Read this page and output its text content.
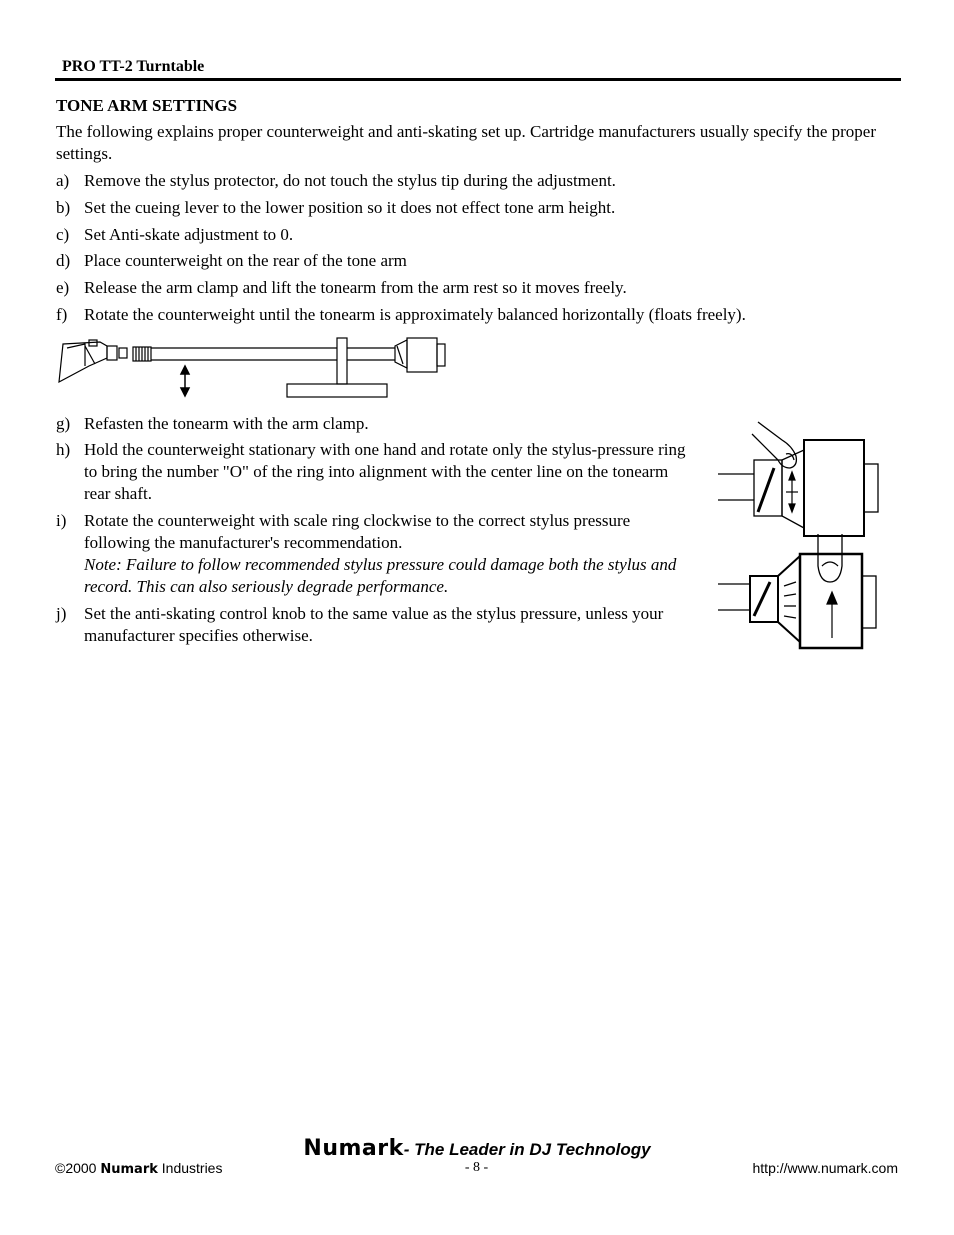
PRO TT-2 Turntable
TONE ARM SETTINGS
The following explains proper counterweight and anti-skating set up. Cartridge manufacturers usually specify the proper settings.
a) Remove the stylus protector, do not touch the stylus tip during the adjustment.
b) Set the cueing lever to the lower position so it does not effect tone arm height.
c) Set Anti-skate adjustment to 0.
d) Place counterweight on the rear of the tone arm
e) Release the arm clamp and lift the tonearm from the arm rest so it moves freely.
f) Rotate the counterweight until the tonearm is approximately balanced horizontally (floats freely).
g) Refasten the tonearm with the arm clamp.
h) Hold the counterweight stationary with one hand and rotate only the stylus-pressure ring to bring the number "O" of the ring into alignment with the center line on the tonearm rear shaft.
i) Rotate the counterweight with scale ring clockwise to the correct stylus pressure following the manufacturer's recommendation.
Note: Failure to follow recommended stylus pressure could damage both the stylus and record. This can also seriously degrade performance.
j) Set the anti-skating control knob to the same value as the stylus pressure, unless your manufacturer specifies otherwise.
Numark- The Leader in DJ Technology
©2000 Numark Industries	- 8 -	http://www.numark.com
